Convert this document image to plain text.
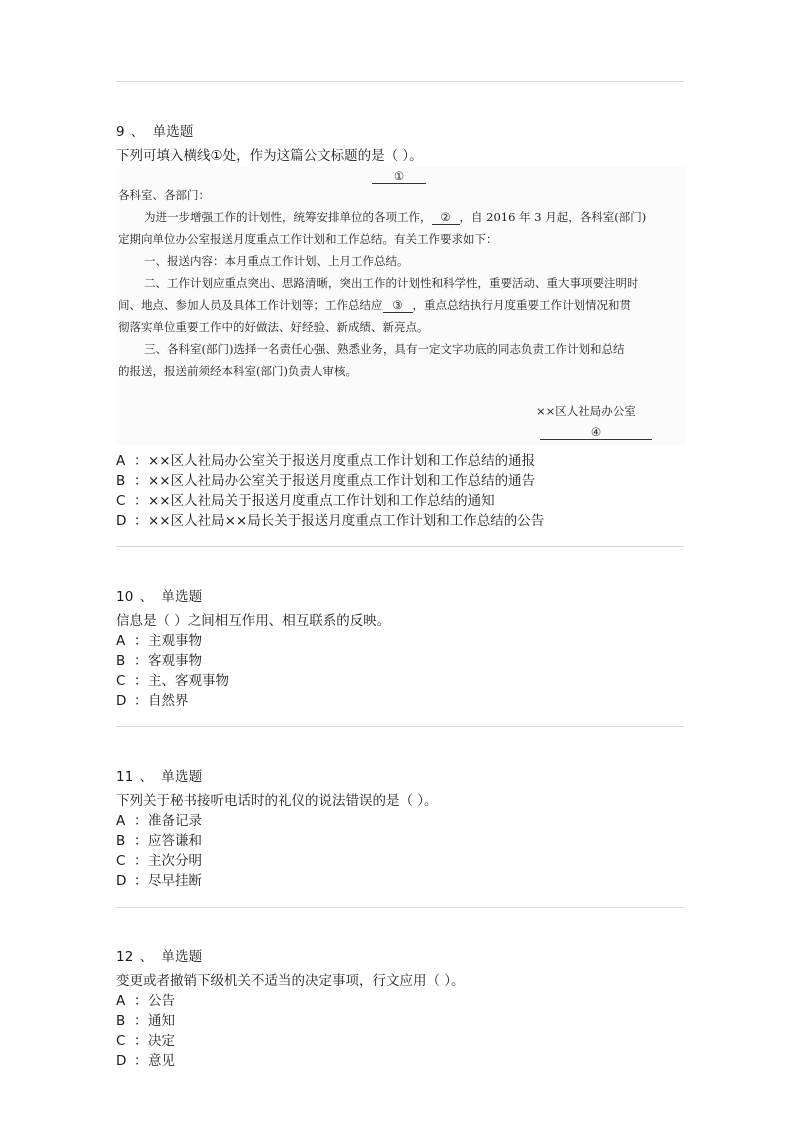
9 、 单选题
下列可填入横线①处，作为这篇公文标题的是（ ）。
①
各科室、各部门：
为进一步增强工作的计划性，统筹安排单位的各项工作， ② ，自 2016 年 3 月起，各科室(部门)
定期向单位办公室报送月度重点工作计划和工作总结。有关工作要求如下：
一、报送内容：本月重点工作计划、上月工作总结。
二、工作计划应重点突出、思路清晰，突出工作的计划性和科学性，重要活动、重大事项要注明时
间、地点、参加人员及具体工作计划等；工作总结应 ③ ，重点总结执行月度重要工作计划情况和贯
彻落实单位重要工作中的好做法、好经验、新成绩、新亮点。
三、各科室(部门)选择一名责任心强、熟悉业务，具有一定文字功底的同志负责工作计划和总结
的报送，报送前须经本科室(部门)负责人审核。
××区人社局办公室
④
A ：××区人社局办公室关于报送月度重点工作计划和工作总结的通报
B ：××区人社局办公室关于报送月度重点工作计划和工作总结的通告
C ：××区人社局关于报送月度重点工作计划和工作总结的通知
D ：××区人社局××局长关于报送月度重点工作计划和工作总结的公告
10 、 单选题
信息是（ ）之间相互作用、相互联系的反映。
A ：主观事物
B ：客观事物
C ：主、客观事物
D ：自然界
11 、 单选题
下列关于秘书接听电话时的礼仪的说法错误的是（ ）。
A ：准备记录
B ：应答谦和
C ：主次分明
D ：尽早挂断
12 、 单选题
变更或者撤销下级机关不适当的决定事项，行文应用（ ）。
A ：公告
B ：通知
C ：决定
D ：意见
